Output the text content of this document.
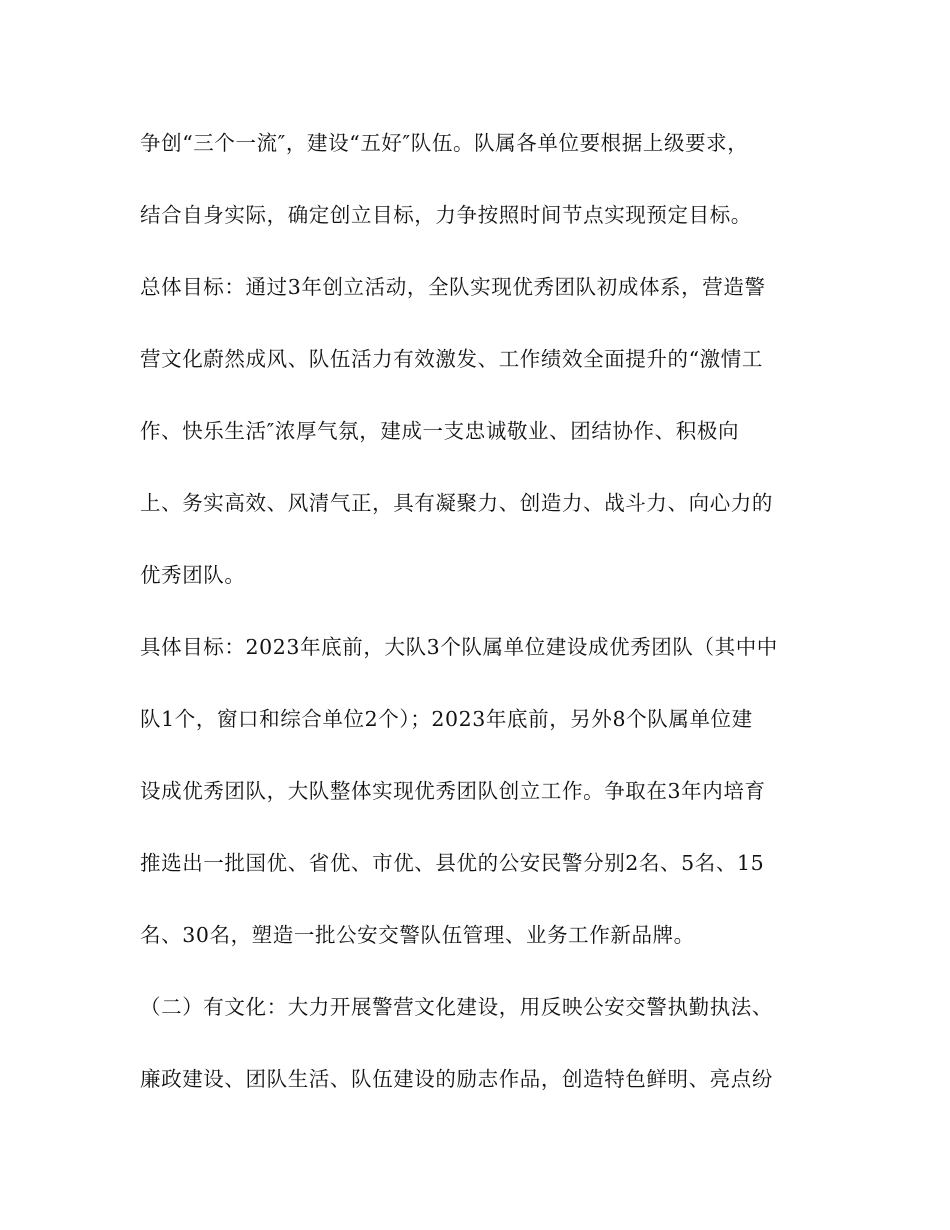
争创“三个一流″，建设“五好″队伍。队属各单位要根据上级要求，
结合自身实际，确定创立目标，力争按照时间节点实现预定目标。
总体目标：通过3年创立活动，全队实现优秀团队初成体系，营造警
营文化蔚然成风、队伍活力有效激发、工作绩效全面提升的“激情工
作、快乐生活″浓厚气氛，建成一支忠诚敬业、团结协作、积极向
上、务实高效、风清气正，具有凝聚力、创造力、战斗力、向心力的
优秀团队。
具体目标：2023年底前，大队3个队属单位建设成优秀团队（其中中
队1个，窗口和综合单位2个）；2023年底前，另外8个队属单位建
设成优秀团队，大队整体实现优秀团队创立工作。争取在3年内培育
推选出一批国优、省优、市优、县优的公安民警分别2名、5名、15
名、30名，塑造一批公安交警队伍管理、业务工作新品牌。
（二）有文化：大力开展警营文化建设，用反映公安交警执勤执法、
廉政建设、团队生活、队伍建设的励志作品，创造特色鲜明、亮点纷
